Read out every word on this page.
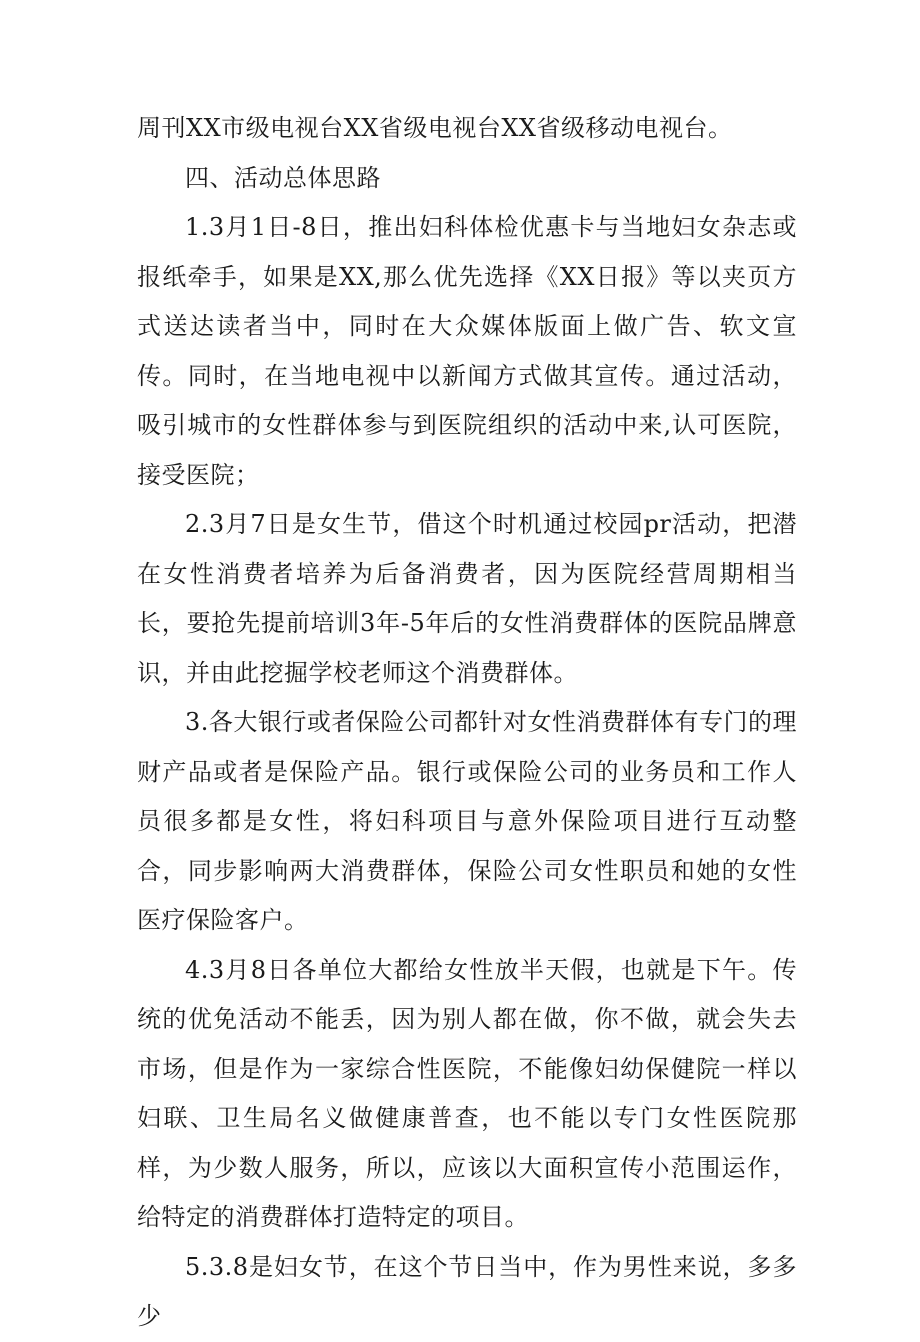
周刊XX市级电视台XX省级电视台XX省级移动电视台。

四、活动总体思路

1.3月1日-8日，推出妇科体检优惠卡与当地妇女杂志或报纸牵手，如果是XX,那么优先选择《XX日报》等以夹页方式送达读者当中，同时在大众媒体版面上做广告、软文宣传。同时，在当地电视中以新闻方式做其宣传。通过活动，吸引城市的女性群体参与到医院组织的活动中来,认可医院，接受医院；

2.3月7日是女生节，借这个时机通过校园pr活动，把潜在女性消费者培养为后备消费者，因为医院经营周期相当长，要抢先提前培训3年-5年后的女性消费群体的医院品牌意识，并由此挖掘学校老师这个消费群体。

3.各大银行或者保险公司都针对女性消费群体有专门的理财产品或者是保险产品。银行或保险公司的业务员和工作人员很多都是女性，将妇科项目与意外保险项目进行互动整合，同步影响两大消费群体，保险公司女性职员和她的女性医疗保险客户。

4.3月8日各单位大都给女性放半天假，也就是下午。传统的优免活动不能丢，因为别人都在做，你不做，就会失去市场，但是作为一家综合性医院，不能像妇幼保健院一样以妇联、卫生局名义做健康普查，也不能以专门女性医院那样，为少数人服务，所以，应该以大面积宣传小范围运作，给特定的消费群体打造特定的项目。

5.3.8是妇女节，在这个节日当中，作为男性来说，多多少
